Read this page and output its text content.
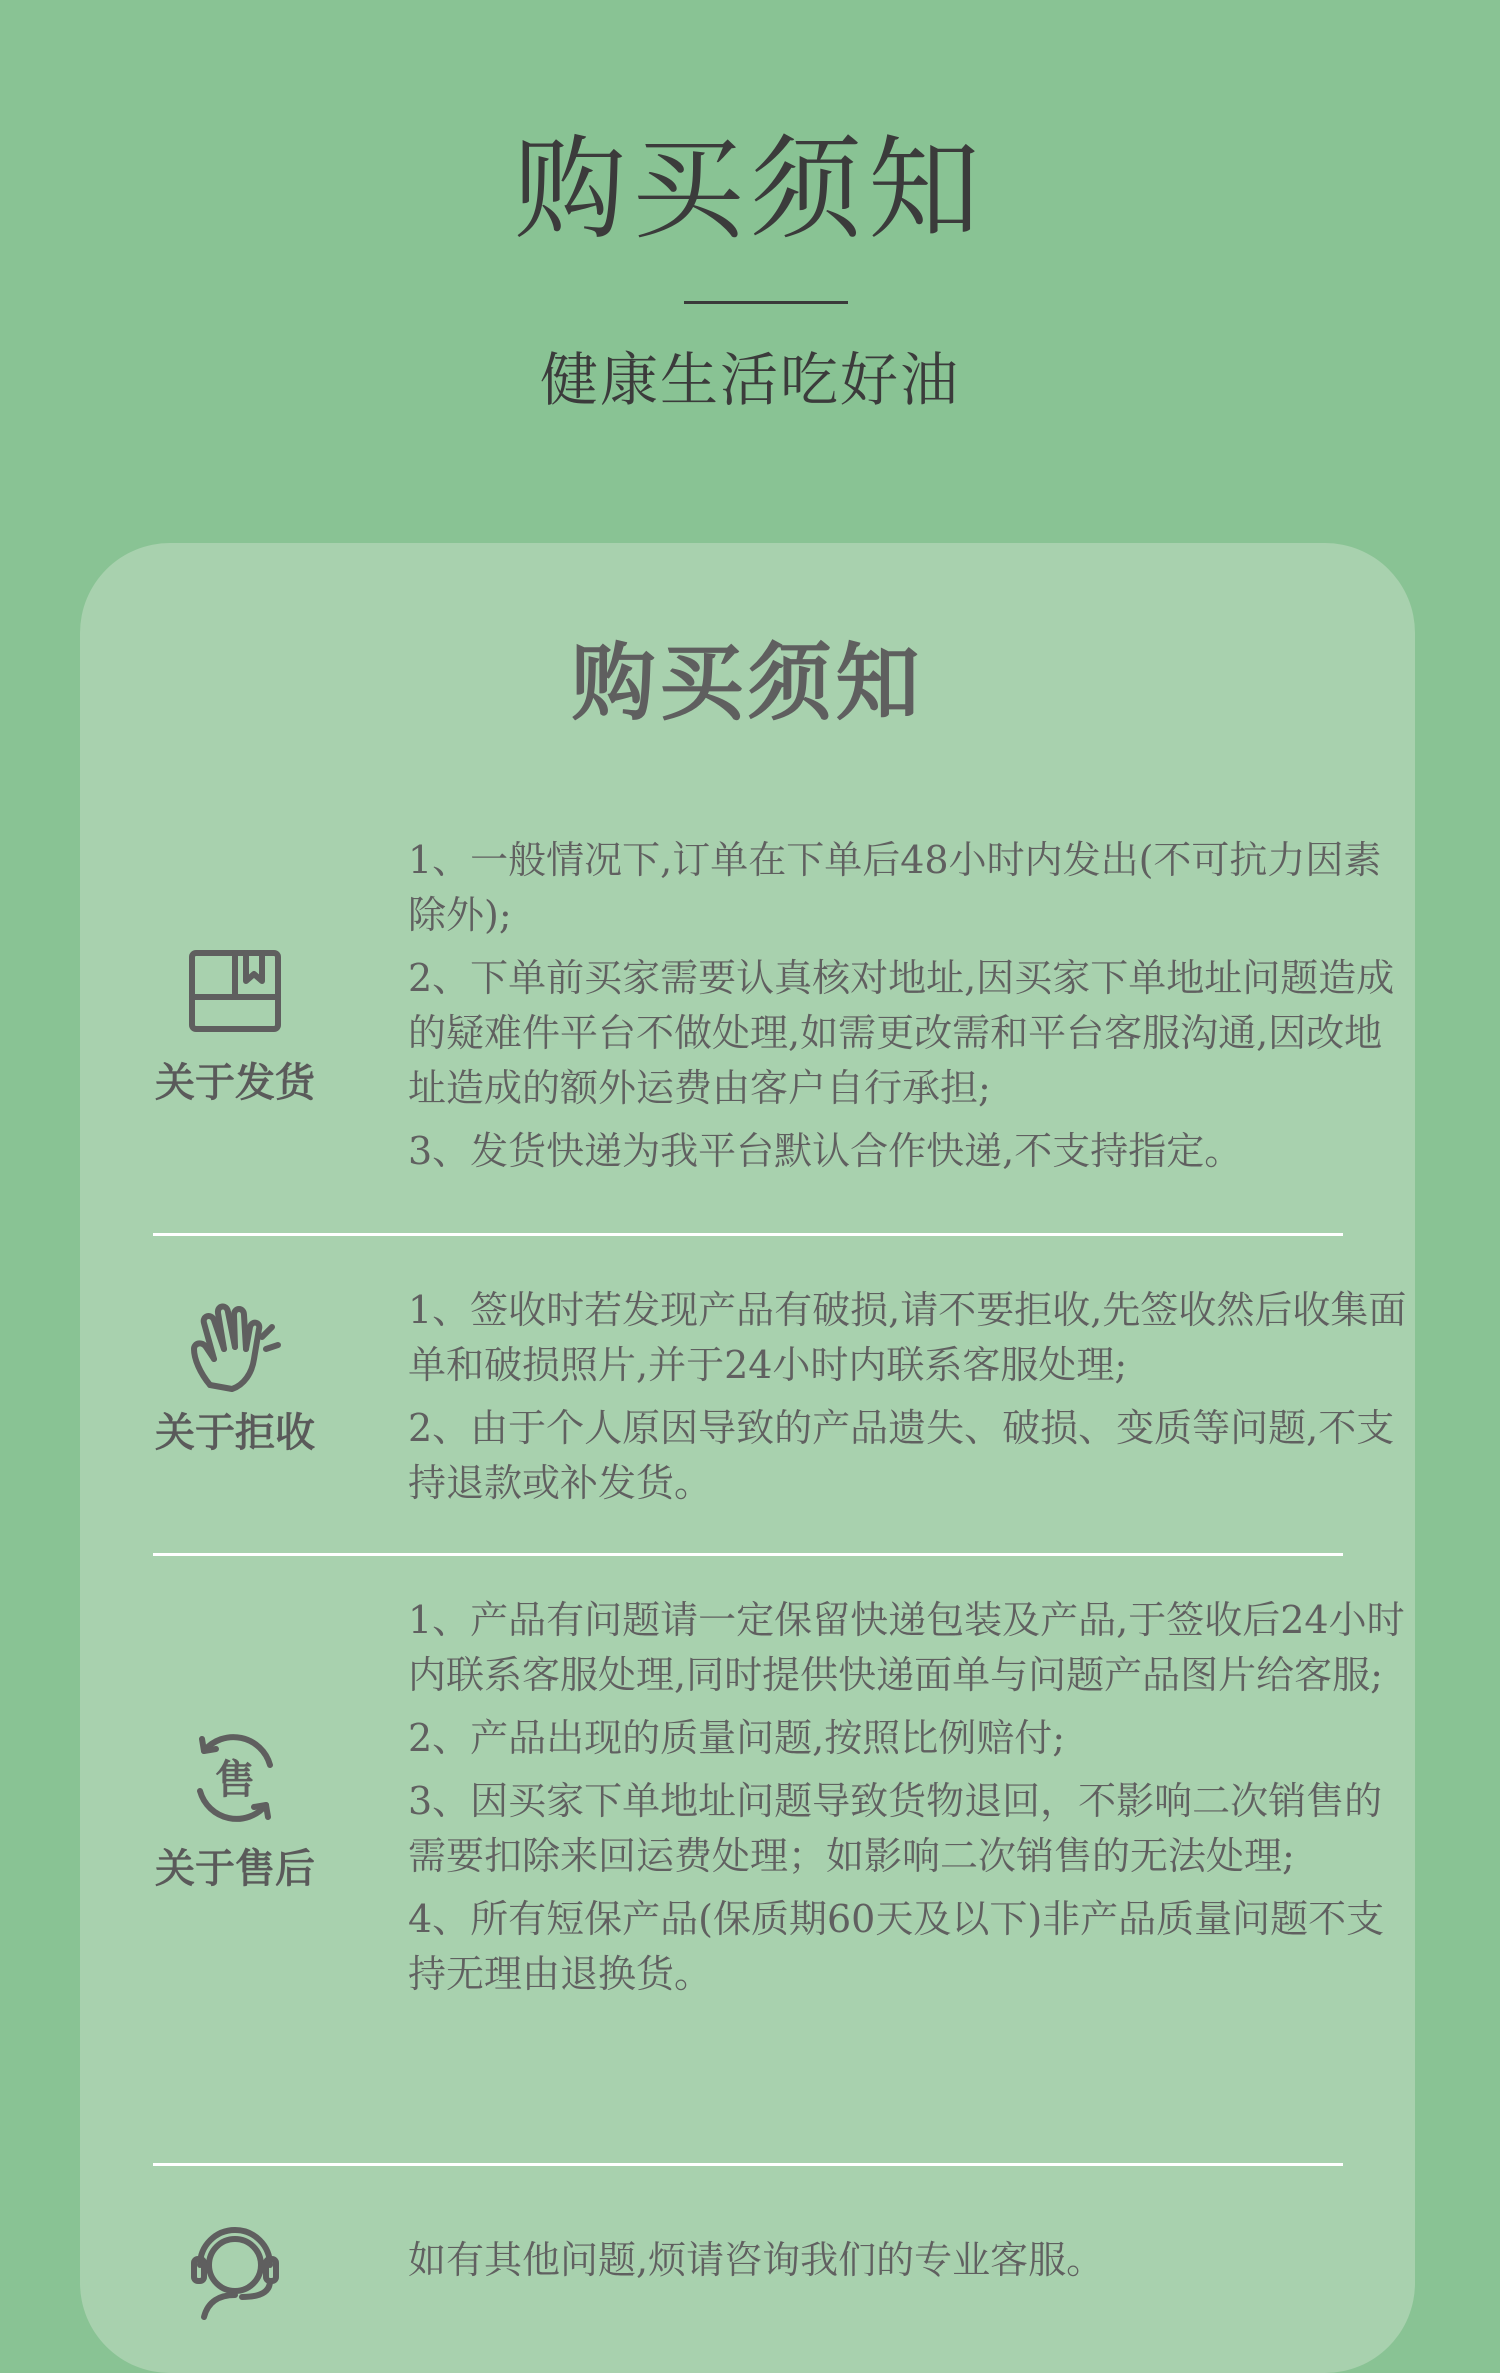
购买须知
健康生活吃好油
购买须知
关于发货

1、一般情况下,订单在下单后48小时内发出(不可抗力因素除外);

2、下单前买家需要认真核对地址,因买家下单地址问题造成的疑难件平台不做处理,如需更改需和平台客服沟通,因改地址造成的额外运费由客户自行承担;

3、发货快递为我平台默认合作快递,不支持指定。

关于拒收

1、签收时若发现产品有破损,请不要拒收,先签收然后收集面单和破损照片,并于24小时内联系客服处理;

2、由于个人原因导致的产品遗失、破损、变质等问题,不支持退款或补发货。

售
关于售后

1、产品有问题请一定保留快递包装及产品,于签收后24小时内联系客服处理,同时提供快递面单与问题产品图片给客服;

2、产品出现的质量问题,按照比例赔付;

3、因买家下单地址问题导致货物退回，不影响二次销售的需要扣除来回运费处理；如影响二次销售的无法处理;

4、所有短保产品(保质期60天及以下)非产品质量问题不支持无理由退换货。

如有其他问题,烦请咨询我们的专业客服。
